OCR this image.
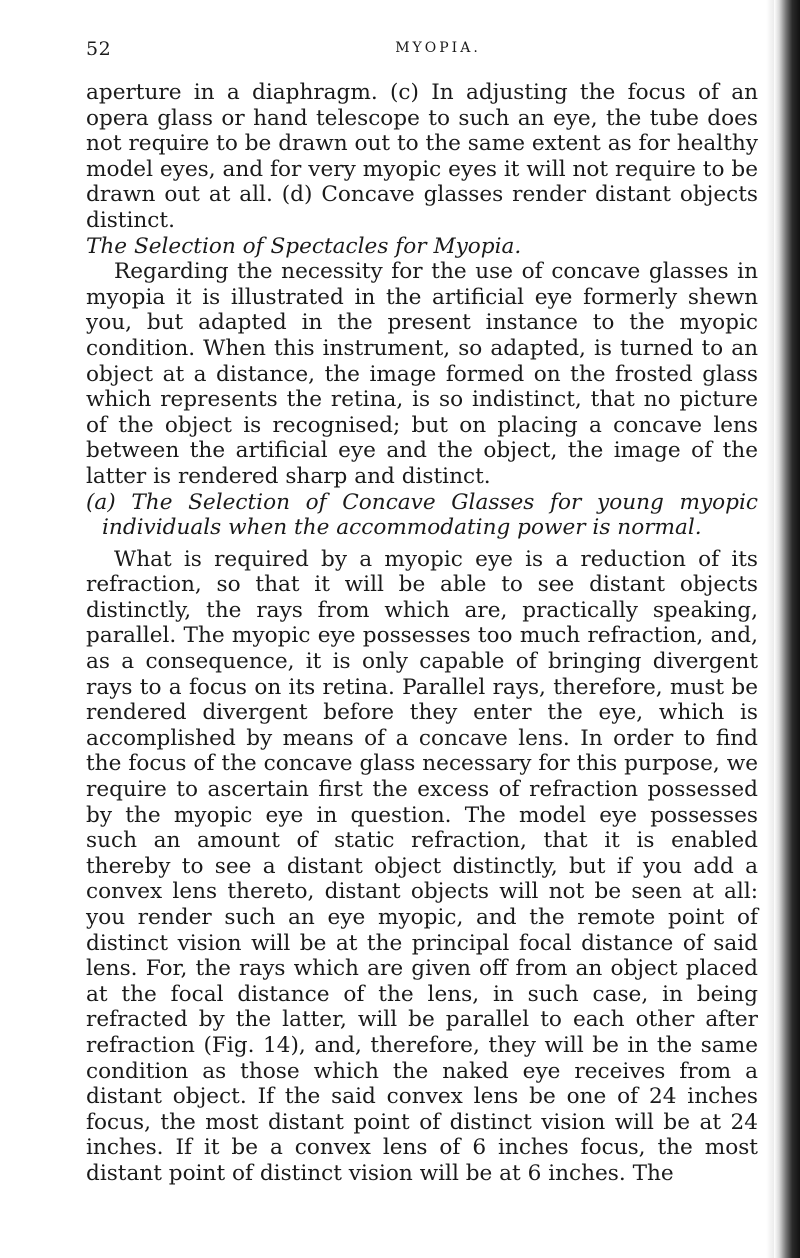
52	MYOPIA.

aperture in a diaphragm. (c) In adjusting the focus of an opera glass or hand telescope to such an eye, the tube does not require to be drawn out to the same extent as for healthy model eyes, and for very myopic eyes it will not require to be drawn out at all. (d) Concave glasses render distant objects distinct.

The Selection of Spectacles for Myopia.

Regarding the necessity for the use of concave glasses in myopia it is illustrated in the artificial eye formerly shewn you, but adapted in the present instance to the myopic condition. When this instrument, so adapted, is turned to an object at a distance, the image formed on the frosted glass which represents the retina, is so indistinct, that no picture of the object is recognised; but on placing a concave lens between the artificial eye and the object, the image of the latter is rendered sharp and distinct.

(a) The Selection of Concave Glasses for young myopic individuals when the accommodating power is normal.

What is required by a myopic eye is a reduction of its refraction, so that it will be able to see distant objects distinctly, the rays from which are, practically speaking, parallel. The myopic eye possesses too much refraction, and, as a consequence, it is only capable of bringing divergent rays to a focus on its retina. Parallel rays, therefore, must be rendered divergent before they enter the eye, which is accomplished by means of a concave lens. In order to find the focus of the concave glass necessary for this purpose, we require to ascertain first the excess of refraction possessed by the myopic eye in question. The model eye possesses such an amount of static refraction, that it is enabled thereby to see a distant object distinctly, but if you add a convex lens thereto, distant objects will not be seen at all: you render such an eye myopic, and the remote point of distinct vision will be at the principal focal distance of said lens. For, the rays which are given off from an object placed at the focal distance of the lens, in such case, in being refracted by the latter, will be parallel to each other after refraction (Fig. 14), and, therefore, they will be in the same condition as those which the naked eye receives from a distant object. If the said convex lens be one of 24 inches focus, the most distant point of distinct vision will be at 24 inches. If it be a convex lens of 6 inches focus, the most distant point of distinct vision will be at 6 inches. The
